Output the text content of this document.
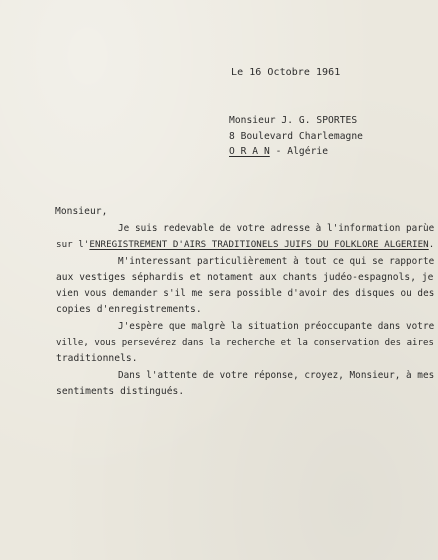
Le 16 Octobre 1961
Monsieur J. G. SPORTES
8 Boulevard Charlemagne
O R A N - Algérie
Monsieur,
Je suis redevable de votre adresse à l'information parùe
sur l'ENREGISTREMENT D'AIRS TRADITIONELS JUIFS DU FOLKLORE ALGERIEN.
M'interessant particulièrement à tout ce qui se rapporte
aux vestiges séphardis et notament aux chants judéo-espagnols, je
vien vous demander s'il me sera possible d'avoir des disques ou des
copies d'enregistrements.
J'espère que malgrè la situation préoccupante dans votre
ville, vous persevérez dans la recherche et la conservation des aires
traditionnels.
Dans l'attente de votre réponse, croyez, Monsieur, à mes
sentiments distingués.
